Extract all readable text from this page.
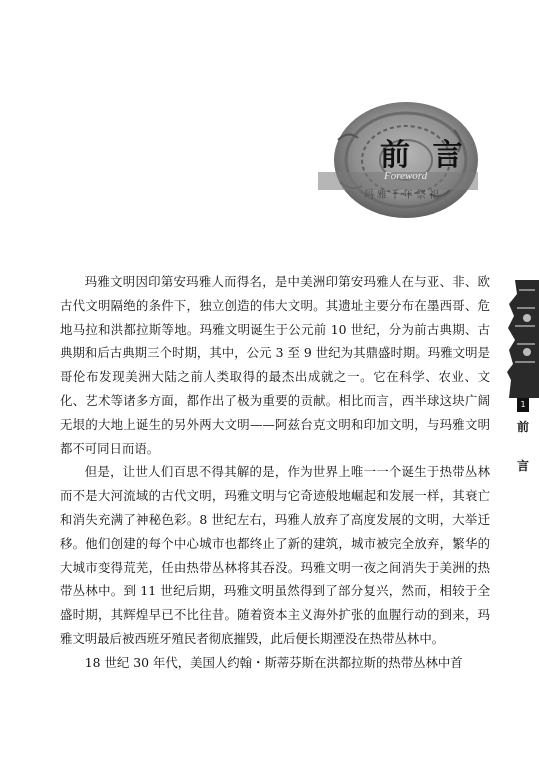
前 言
Foreword
玛雅千年祭祀

玛雅文明因印第安玛雅人而得名，是中美洲印第安玛雅人在与亚、非、欧古代文明隔绝的条件下，独立创造的伟大文明。其遗址主要分布在墨西哥、危地马拉和洪都拉斯等地。玛雅文明诞生于公元前 10 世纪，分为前古典期、古典期和后古典期三个时期，其中，公元 3 至 9 世纪为其鼎盛时期。玛雅文明是哥伦布发现美洲大陆之前人类取得的最杰出成就之一。它在科学、农业、文化、艺术等诸多方面，都作出了极为重要的贡献。相比而言，西半球这块广阔无垠的大地上诞生的另外两大文明——阿兹台克文明和印加文明，与玛雅文明都不可同日而语。

但是，让世人们百思不得其解的是，作为世界上唯一一个诞生于热带丛林而不是大河流域的古代文明，玛雅文明与它奇迹般地崛起和发展一样，其衰亡和消失充满了神秘色彩。8 世纪左右，玛雅人放弃了高度发展的文明，大举迁移。他们创建的每个中心城市也都终止了新的建筑，城市被完全放弃，繁华的大城市变得荒芜，任由热带丛林将其吞没。玛雅文明一夜之间消失于美洲的热带丛林中。到 11 世纪后期，玛雅文明虽然得到了部分复兴，然而，相较于全盛时期，其辉煌早已不比往昔。随着资本主义海外扩张的血腥行动的到来，玛雅文明最后被西班牙殖民者彻底摧毁，此后便长期湮没在热带丛林中。

18 世纪 30 年代，美国人约翰・斯蒂芬斯在洪都拉斯的热带丛林中首

1
前
言
